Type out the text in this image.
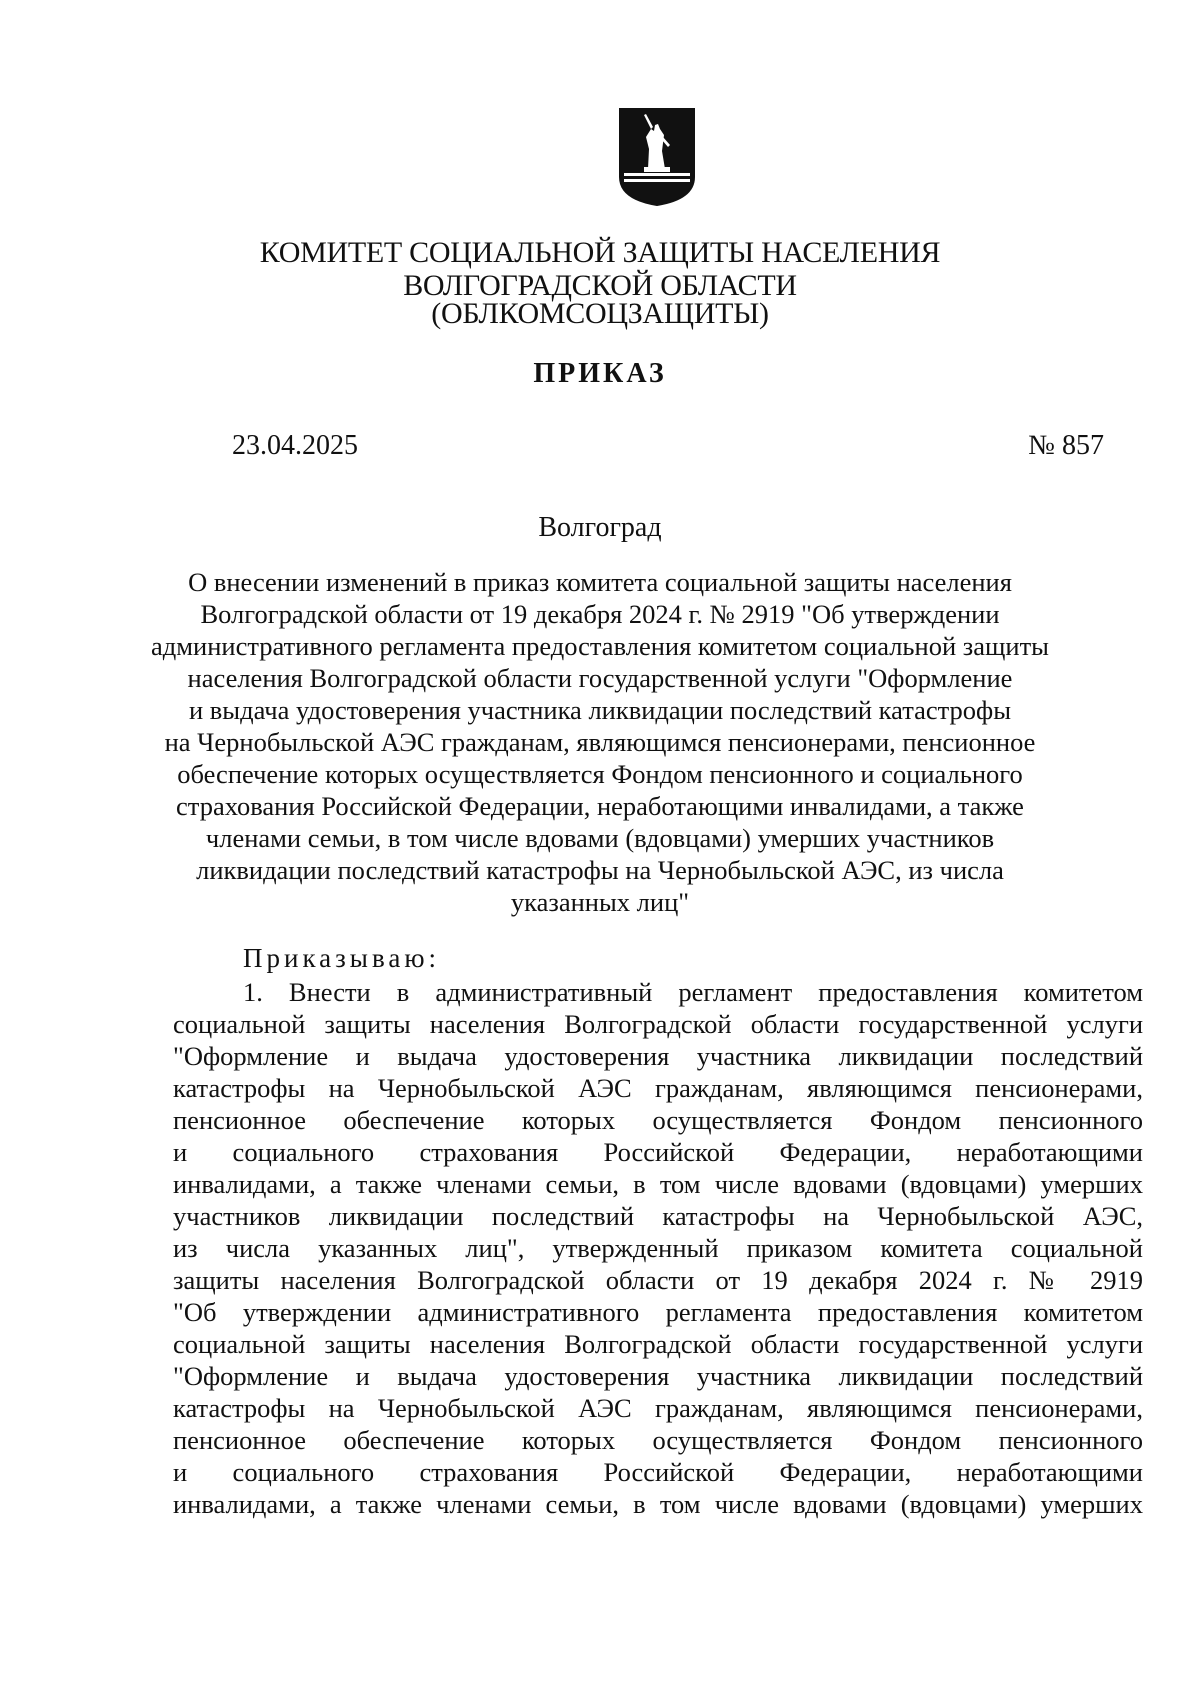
КОМИТЕТ СОЦИАЛЬНОЙ ЗАЩИТЫ НАСЕЛЕНИЯ
ВОЛГОГРАДСКОЙ ОБЛАСТИ
(ОБЛКОМСОЦЗАЩИТЫ)
ПРИКАЗ
23.04.2025	№ 857
Волгоград
О внесении изменений в приказ комитета социальной защиты населения
Волгоградской области от 19 декабря 2024 г. № 2919 "Об утверждении
административного регламента предоставления комитетом социальной защиты
населения Волгоградской области государственной услуги "Оформление
и выдача удостоверения участника ликвидации последствий катастрофы
на Чернобыльской АЭС гражданам, являющимся пенсионерами, пенсионное
обеспечение которых осуществляется Фондом пенсионного и социального
страхования Российской Федерации, неработающими инвалидами, а также
членами семьи, в том числе вдовами (вдовцами) умерших участников
ликвидации последствий катастрофы на Чернобыльской АЭС, из числа
указанных лиц"
Приказываю:
1. Внести в административный регламент предоставления комитетом
социальной защиты населения Волгоградской области государственной услуги
"Оформление и выдача удостоверения участника ликвидации последствий
катастрофы на Чернобыльской АЭС гражданам, являющимся пенсионерами,
пенсионное обеспечение которых осуществляется Фондом пенсионного
и социального страхования Российской Федерации, неработающими
инвалидами, а также членами семьи, в том числе вдовами (вдовцами) умерших
участников ликвидации последствий катастрофы на Чернобыльской АЭС,
из числа указанных лиц", утвержденный приказом комитета социальной
защиты населения Волгоградской области от 19 декабря 2024 г. № 2919
"Об утверждении административного регламента предоставления комитетом
социальной защиты населения Волгоградской области государственной услуги
"Оформление и выдача удостоверения участника ликвидации последствий
катастрофы на Чернобыльской АЭС гражданам, являющимся пенсионерами,
пенсионное обеспечение которых осуществляется Фондом пенсионного
и социального страхования Российской Федерации, неработающими
инвалидами, а также членами семьи, в том числе вдовами (вдовцами) умерших
